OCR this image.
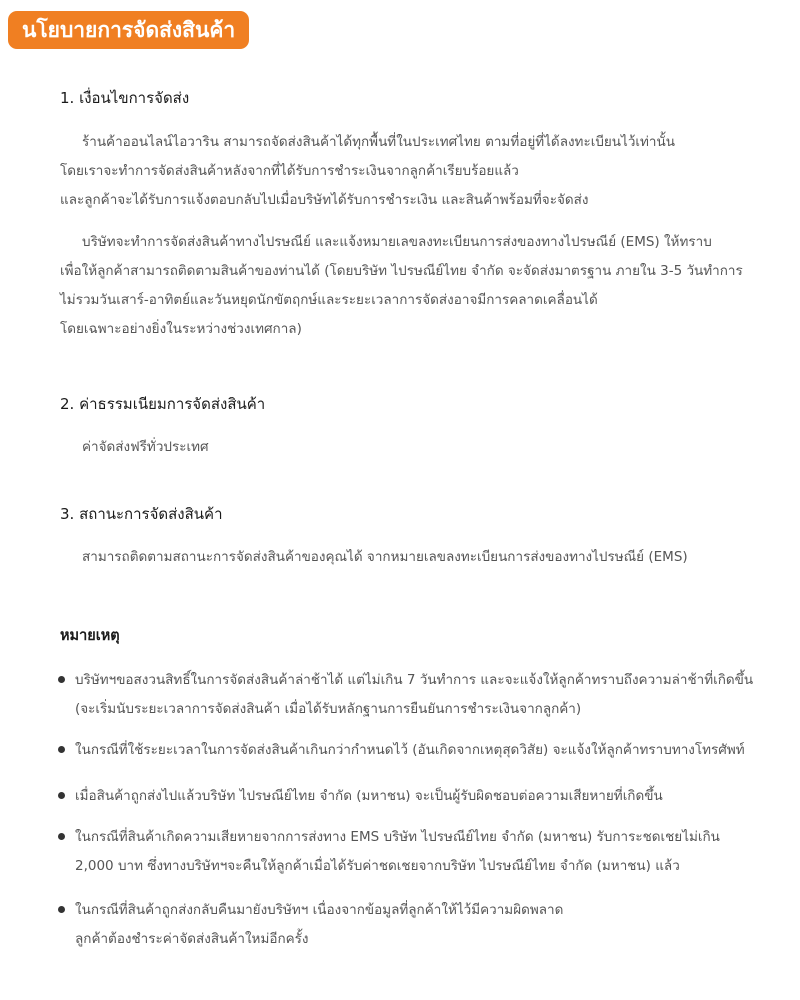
นโยบายการจัดส่งสินค้า
1. เงื่อนไขการจัดส่ง
ร้านค้าออนไลน์ไอวาริน สามารถจัดส่งสินค้าได้ทุกพื้นที่ในประเทศไทย ตามที่อยู่ที่ได้ลงทะเบียนไว้เท่านั้น
โดยเราจะทำการจัดส่งสินค้าหลังจากที่ได้รับการชำระเงินจากลูกค้าเรียบร้อยแล้ว
และลูกค้าจะได้รับการแจ้งตอบกลับไปเมื่อบริษัทได้รับการชำระเงิน และสินค้าพร้อมที่จะจัดส่ง
บริษัทจะทำการจัดส่งสินค้าทางไปรษณีย์ และแจ้งหมายเลขลงทะเบียนการส่งของทางไปรษณีย์ (EMS) ให้ทราบ
เพื่อให้ลูกค้าสามารถติดตามสินค้าของท่านได้ (โดยบริษัท ไปรษณีย์ไทย จำกัด จะจัดส่งมาตรฐาน ภายใน 3-5 วันทำการ
ไม่รวมวันเสาร์-อาทิตย์และวันหยุดนักขัตฤกษ์และระยะเวลาการจัดส่งอาจมีการคลาดเคลื่อนได้
โดยเฉพาะอย่างยิ่งในระหว่างช่วงเทศกาล)
2. ค่าธรรมเนียมการจัดส่งสินค้า
ค่าจัดส่งฟรีทั่วประเทศ
3. สถานะการจัดส่งสินค้า
สามารถติดตามสถานะการจัดส่งสินค้าของคุณได้ จากหมายเลขลงทะเบียนการส่งของทางไปรษณีย์ (EMS)
หมายเหตุ
บริษัทฯขอสงวนสิทธิ์ในการจัดส่งสินค้าล่าช้าได้ แต่ไม่เกิน 7 วันทำการ และจะแจ้งให้ลูกค้าทราบถึงความล่าช้าที่เกิดขึ้น
(จะเริ่มนับระยะเวลาการจัดส่งสินค้า เมื่อได้รับหลักฐานการยืนยันการชำระเงินจากลูกค้า)
ในกรณีที่ใช้ระยะเวลาในการจัดส่งสินค้าเกินกว่ากำหนดไว้ (อันเกิดจากเหตุสุดวิสัย) จะแจ้งให้ลูกค้าทราบทางโทรศัพท์
เมื่อสินค้าถูกส่งไปแล้วบริษัท ไปรษณีย์ไทย จำกัด (มหาชน) จะเป็นผู้รับผิดชอบต่อความเสียหายที่เกิดขึ้น
ในกรณีที่สินค้าเกิดความเสียหายจากการส่งทาง EMS บริษัท ไปรษณีย์ไทย จำกัด (มหาชน) รับการะชดเชยไม่เกิน
2,000 บาท ซึ่งทางบริษัทฯจะคืนให้ลูกค้าเมื่อได้รับค่าชดเชยจากบริษัท ไปรษณีย์ไทย จำกัด (มหาชน) แล้ว
ในกรณีที่สินค้าถูกส่งกลับคืนมายังบริษัทฯ เนื่องจากข้อมูลที่ลูกค้าให้ไว้มีความผิดพลาด
ลูกค้าต้องชำระค่าจัดส่งสินค้าใหม่อีกครั้ง
